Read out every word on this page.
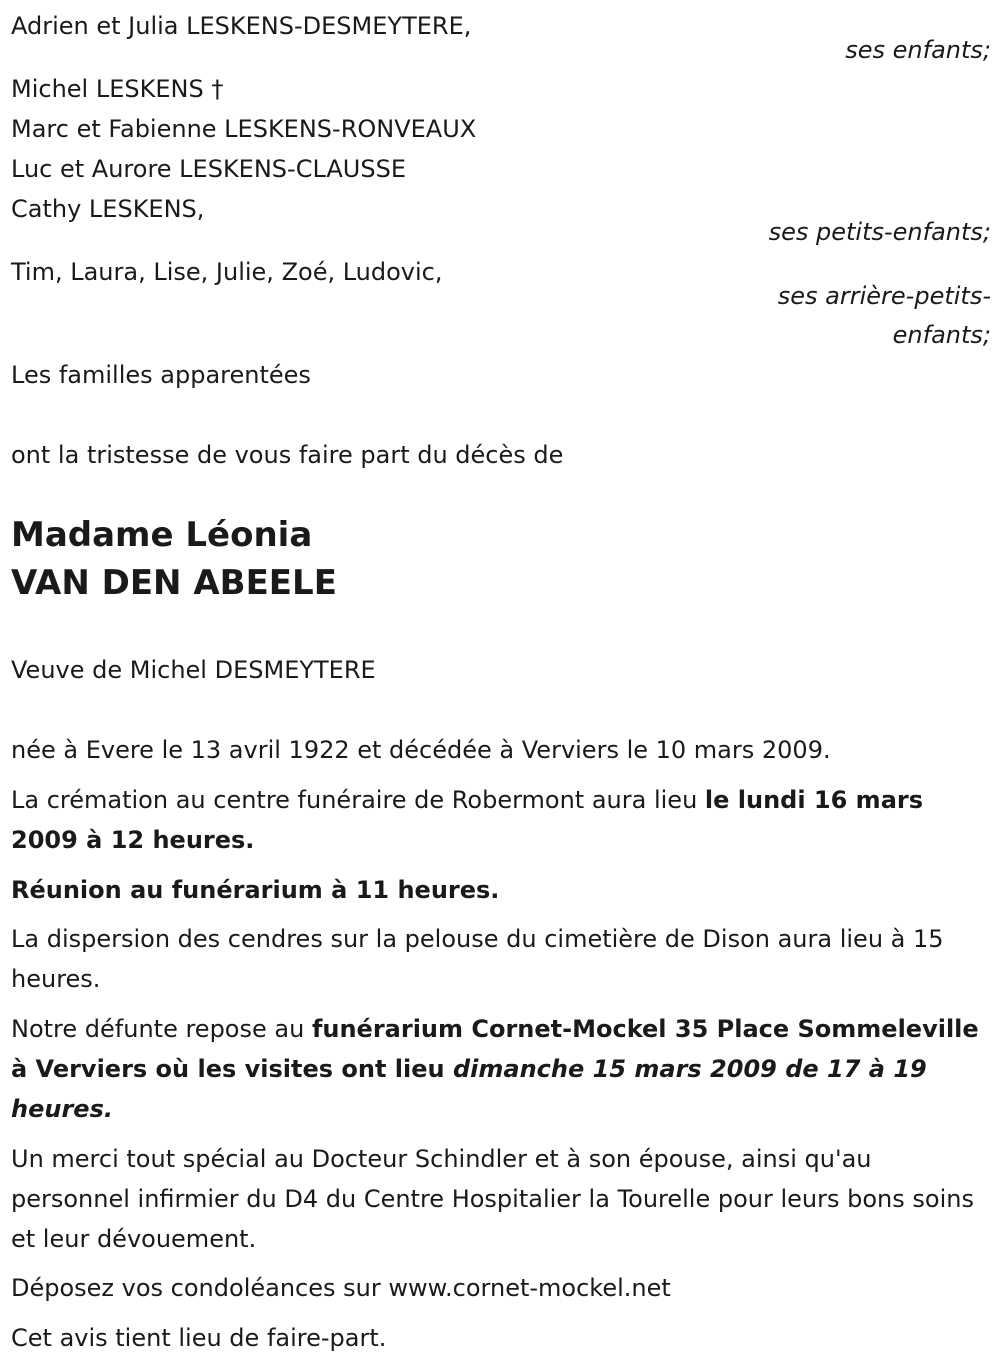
Adrien et Julia LESKENS-DESMEYTERE,
ses enfants;
Michel LESKENS †
Marc et Fabienne LESKENS-RONVEAUX
Luc et Aurore LESKENS-CLAUSSE
Cathy LESKENS,
ses petits-enfants;
Tim, Laura, Lise, Julie, Zoé, Ludovic,
ses arrière-petits-
enfants;
Les familles apparentées
ont la tristesse de vous faire part du décès de
Madame Léonia
VAN DEN ABEELE
Veuve de Michel DESMEYTERE
née à Evere le 13 avril 1922 et décédée à Verviers le 10 mars 2009.
La crémation au centre funéraire de Robermont aura lieu le lundi 16 mars 2009 à 12 heures.
Réunion au funérarium à 11 heures.
La dispersion des cendres sur la pelouse du cimetière de Dison aura lieu à 15 heures.
Notre défunte repose au funérarium Cornet-Mockel 35 Place Sommeleville à Verviers où les visites ont lieu dimanche 15 mars 2009 de 17 à 19 heures.
Un merci tout spécial au Docteur Schindler et à son épouse, ainsi qu'au personnel infirmier du D4 du Centre Hospitalier la Tourelle pour leurs bons soins et leur dévouement.
Déposez vos condoléances sur www.cornet-mockel.net
Cet avis tient lieu de faire-part.
